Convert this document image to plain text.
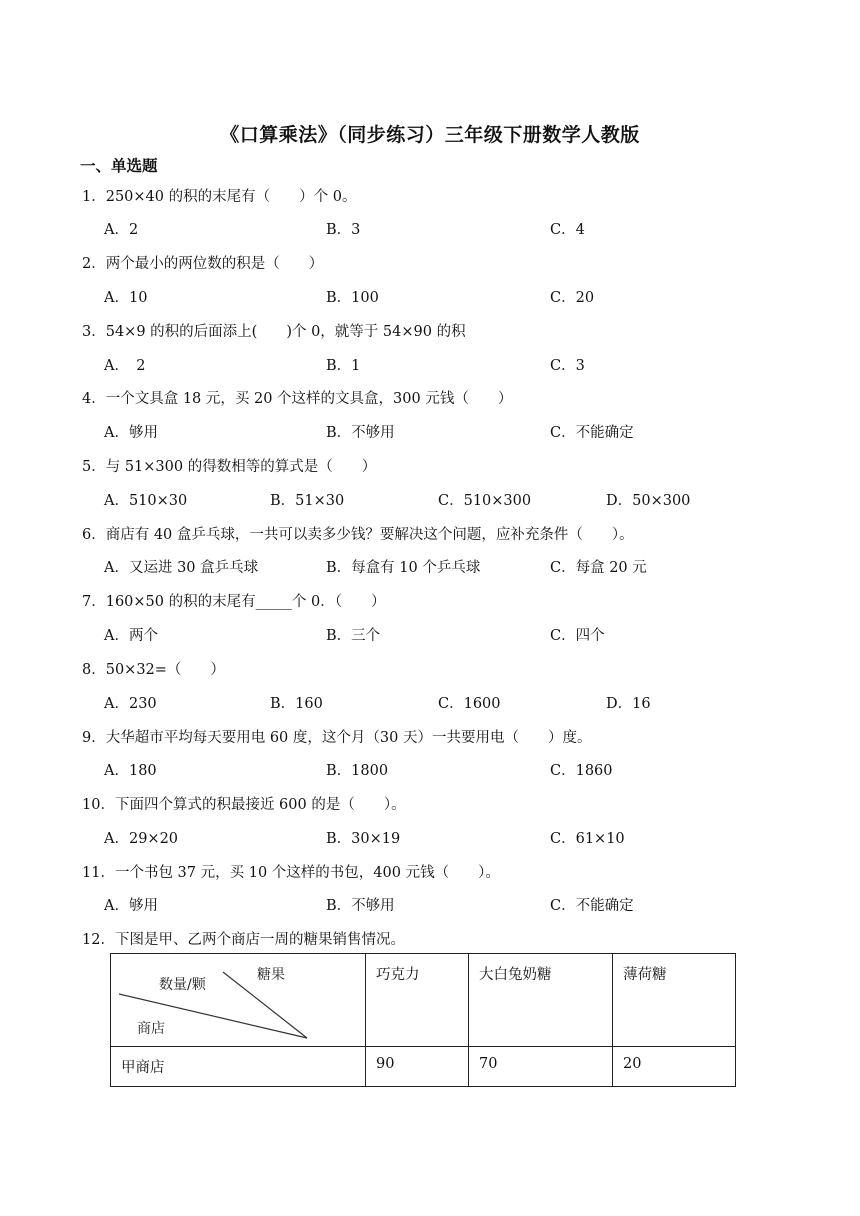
《口算乘法》（同步练习）三年级下册数学人教版
一、单选题
1．250×40 的积的末尾有（　　）个 0。
A．2	B．3	C．4
2．两个最小的两位数的积是（　　）
A．10	B．100	C．20
3．54×9 的积的后面添上(　　)个 0，就等于 54×90 的积
A．　2	B．1	C．3
4．一个文具盒 18 元，买 20 个这样的文具盒，300 元钱（　　）
A．够用	B．不够用	C．不能确定
5．与 51×300 的得数相等的算式是（　　）
A．510×30	B．51×30	C．510×300	D．50×300
6．商店有 40 盒乒乓球，一共可以卖多少钱？要解决这个问题，应补充条件（　　）。
A．又运进 30 盒乒乓球	B．每盒有 10 个乒乓球	C．每盒 20 元
7．160×50 的积的末尾有_____个 0．（　　）
A．两个	B．三个	C．四个
8．50×32=（　　）
A．230	B．160	C．1600	D．16
9．大华超市平均每天要用电 60 度，这个月（30 天）一共要用电（　　）度。
A．180	B．1800	C．1860
10．下面四个算式的积最接近 600 的是（　　）。
A．29×20	B．30×19	C．61×10
11．一个书包 37 元，买 10 个这样的书包，400 元钱（　　）。
A．够用	B．不够用	C．不能确定
12．下图是甲、乙两个商店一周的糖果销售情况。
糖果
数量/颗
商店	巧克力	大白兔奶糖	薄荷糖
甲商店	90	70	20
